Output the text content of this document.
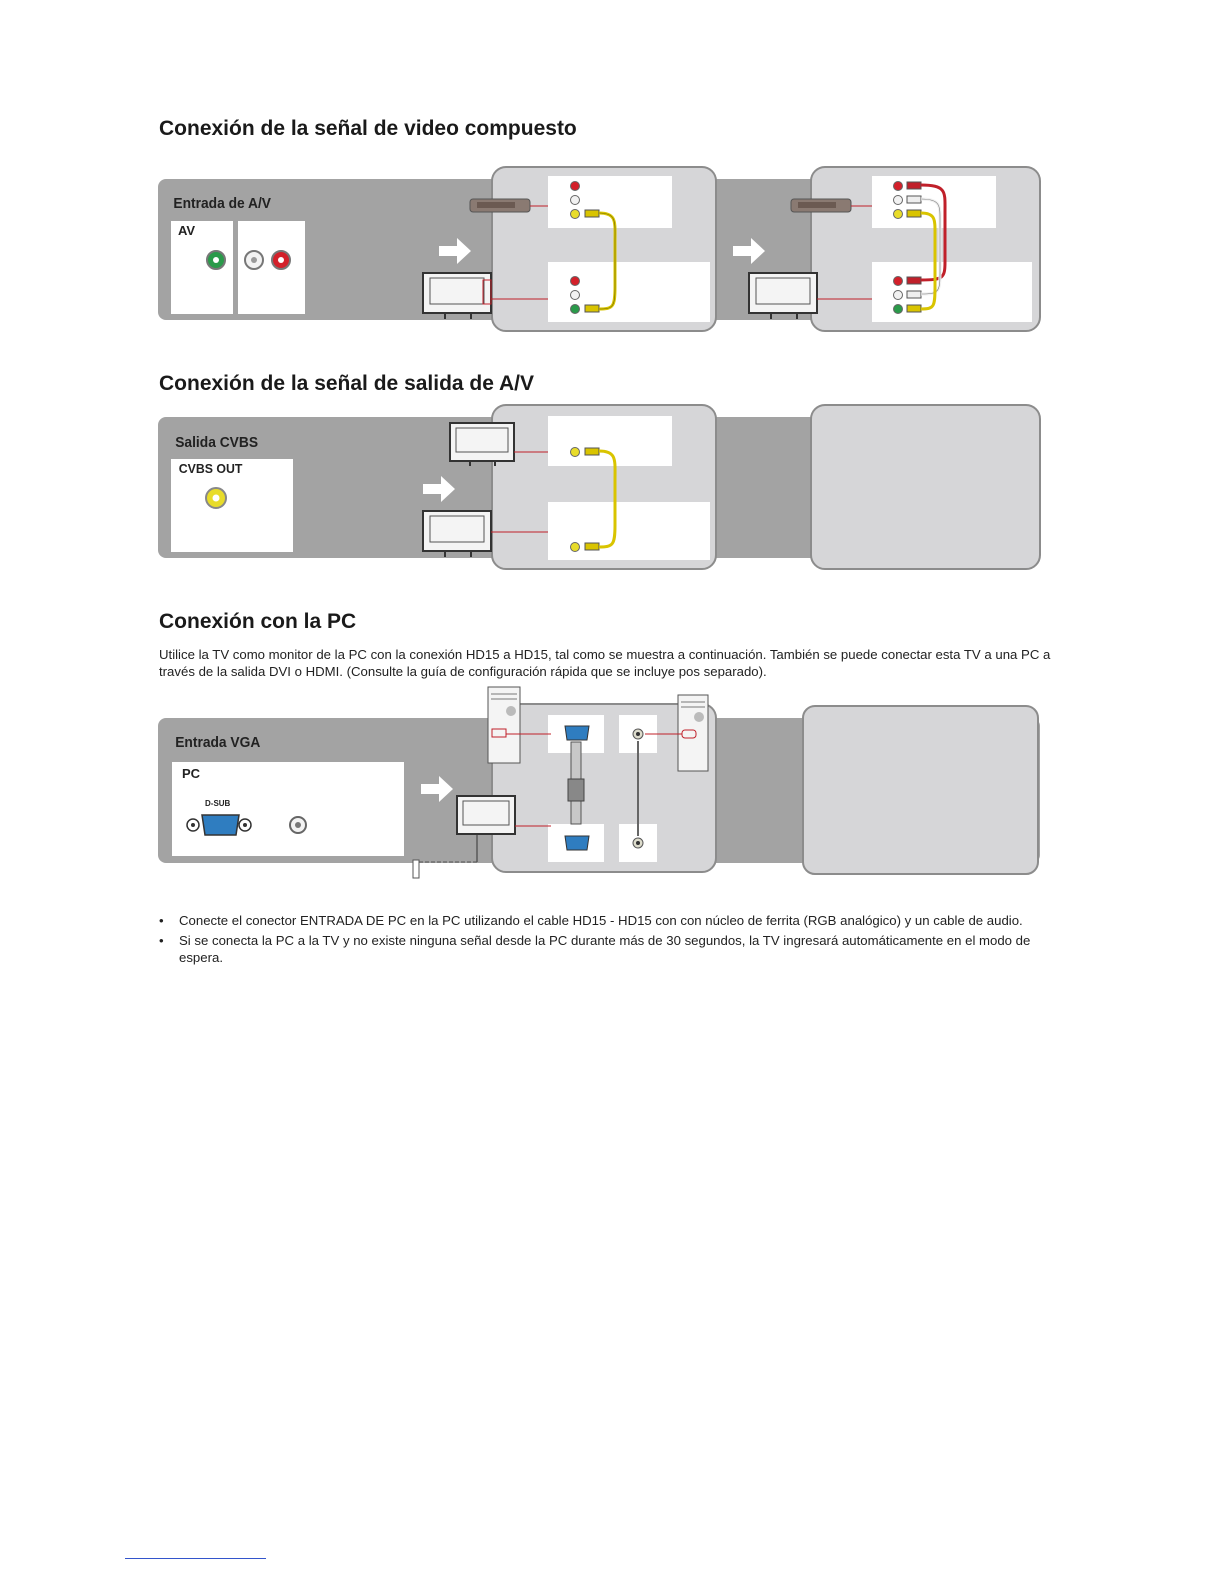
Conexión de la señal de video compuesto
Entrada de A/V
AV
Conexión de la señal de salida de A/V
Salida CVBS
CVBS OUT
Conexión con la PC

Utilice la TV como monitor de la PC con la conexión HD15 a HD15, tal como se muestra a continuación. También se puede conectar esta TV a una PC a través de la salida DVI o HDMI. (Consulte la guía de configuración rápida que se incluye pos separado).

Entrada VGA
PC
D-SUB
• Conecte el conector ENTRADA DE PC en la PC utilizando el cable HD15 - HD15 con con núcleo de ferrita (RGB analógico) y un cable de audio.
• Si se conecta la PC a la TV y no existe ninguna señal desde la PC durante más de 30 segundos, la TV ingresará automáticamente en el modo de espera.
